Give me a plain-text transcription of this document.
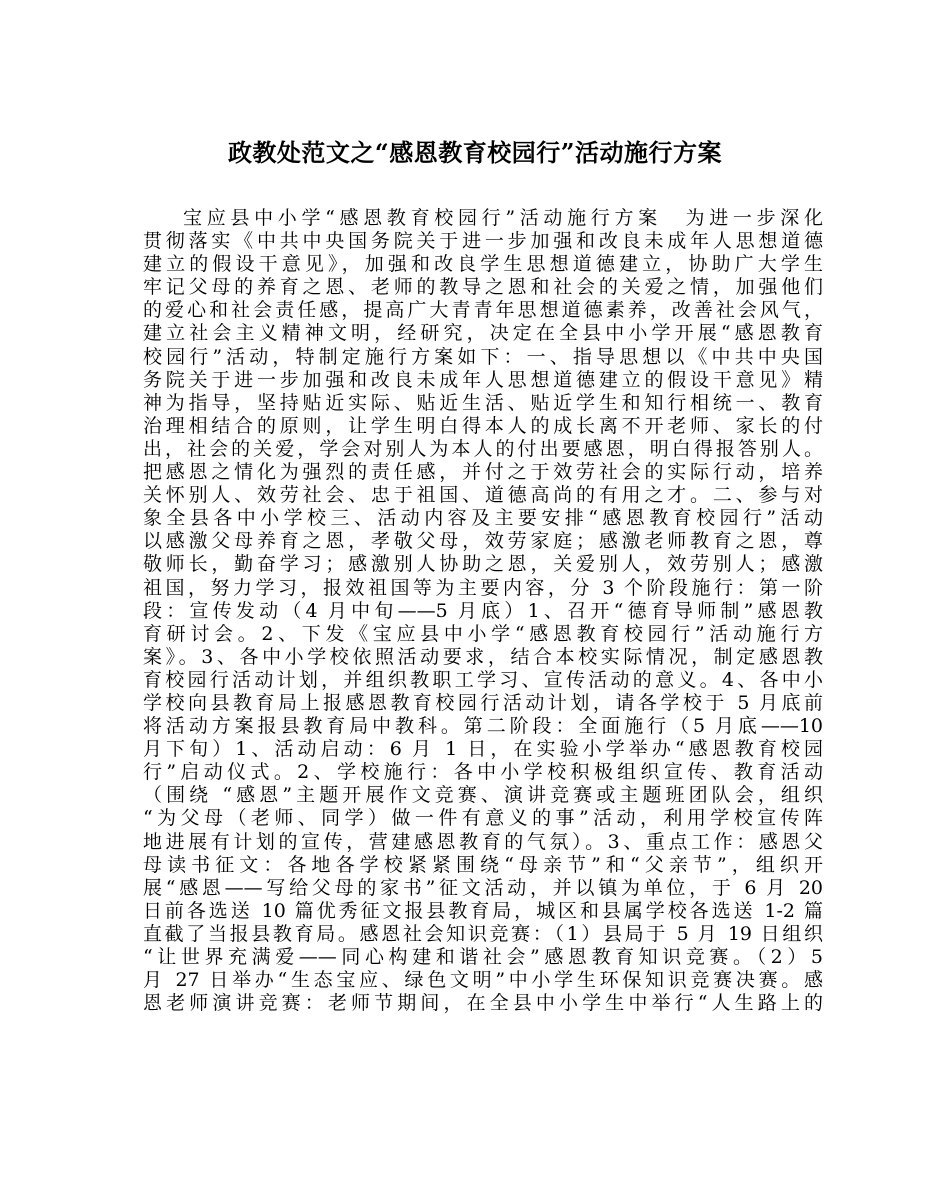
政教处范文之“感恩教育校园行”活动施行方案
宝应县中小学“感恩教育校园行”活动施行方案　为进一步深化
贯彻落实《中共中央国务院关于进一步加强和改良未成年人思想道德
建立的假设干意见》，加强和改良学生思想道德建立，协助广大学生
牢记父母的养育之恩、老师的教导之恩和社会的关爱之情，加强他们
的爱心和社会责任感，提高广大青青年思想道德素养，改善社会风气，
建立社会主义精神文明，经研究，决定在全县中小学开展“感恩教育
校园行”活动，特制定施行方案如下：一、指导思想以《中共中央国
务院关于进一步加强和改良未成年人思想道德建立的假设干意见》精
神为指导，坚持贴近实际、贴近生活、贴近学生和知行相统一、教育
治理相结合的原则，让学生明白得本人的成长离不开老师、家长的付
出，社会的关爱，学会对别人为本人的付出要感恩，明白得报答别人。
把感恩之情化为强烈的责任感，并付之于效劳社会的实际行动，培养
关怀别人、效劳社会、忠于祖国、道德高尚的有用之才。二、参与对
象全县各中小学校三、活动内容及主要安排“感恩教育校园行”活动
以感激父母养育之恩，孝敬父母，效劳家庭；感激老师教育之恩，尊
敬师长，勤奋学习；感激别人协助之恩，关爱别人，效劳别人；感激
祖国，努力学习，报效祖国等为主要内容，分 3 个阶段施行：第一阶
段：宣传发动（4 月中旬——5 月底）1、召开“德育导师制”感恩教
育研讨会。2、下发《宝应县中小学“感恩教育校园行”活动施行方
案》。3、各中小学校依照活动要求，结合本校实际情况，制定感恩教
育校园行活动计划，并组织教职工学习、宣传活动的意义。4、各中小
学校向县教育局上报感恩教育校园行活动计划，请各学校于 5 月底前
将活动方案报县教育局中教科。第二阶段：全面施行（5 月底——10
月下旬）1、活动启动：6 月 1 日，在实验小学举办“感恩教育校园
行”启动仪式。2、学校施行：各中小学校积极组织宣传、教育活动
（围绕 “感恩”主题开展作文竞赛、演讲竞赛或主题班团队会，组织
“为父母（老师、同学）做一件有意义的事”活动，利用学校宣传阵
地进展有计划的宣传，营建感恩教育的气氛）。3、重点工作：感恩父
母读书征文：各地各学校紧紧围绕“母亲节”和“父亲节”，组织开
展“感恩——写给父母的家书”征文活动，并以镇为单位，于 6 月 20
日前各选送 10 篇优秀征文报县教育局，城区和县属学校各选送 1-2 篇
直截了当报县教育局。感恩社会知识竞赛：（1）县局于 5 月 19 日组织
“让世界充满爱——同心构建和谐社会”感恩教育知识竞赛。（2）5
月 27 日举办“生态宝应、绿色文明”中小学生环保知识竞赛决赛。感
恩老师演讲竞赛：老师节期间，在全县中小学生中举行“人生路上的
